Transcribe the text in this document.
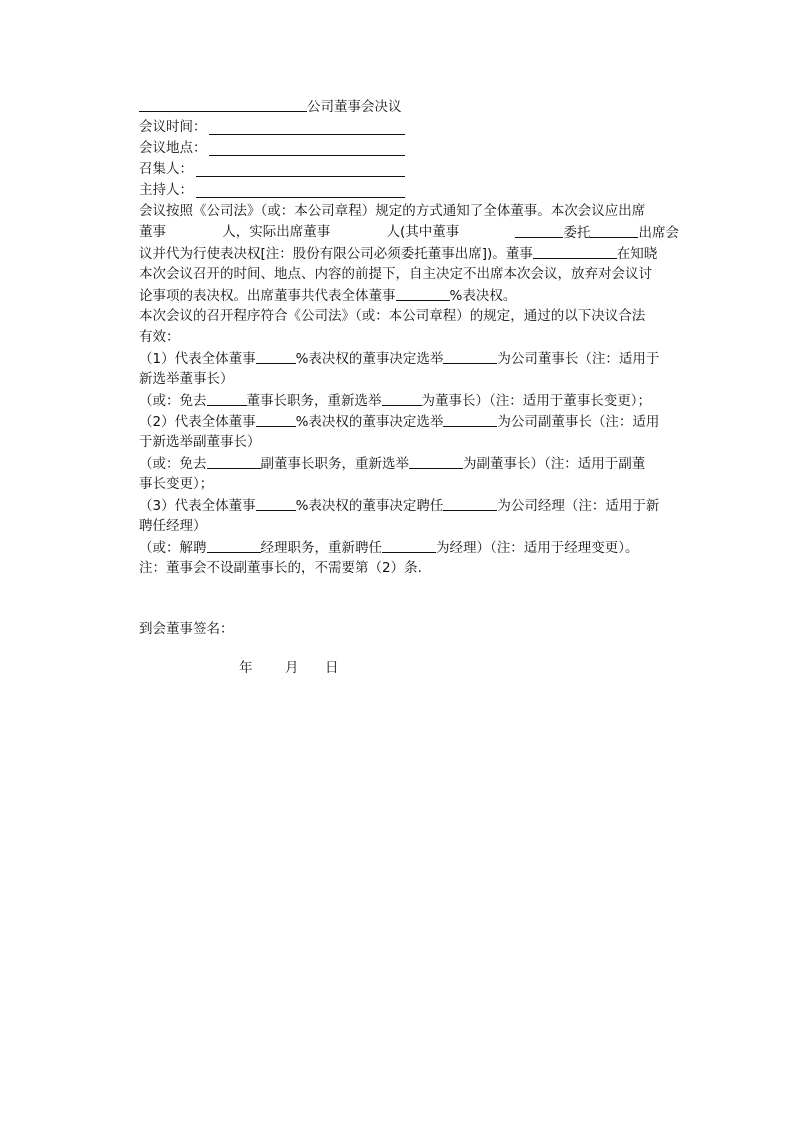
公司董事会决议
会议时间：
会议地点：
召集人：
主持人：
会议按照《公司法》（或：本公司章程）规定的方式通知了全体董事。本次会议应出席
董事	人，实际出席董事	人(其中董事	委托	出席会
议并代为行使表决权[注：股份有限公司必须委托董事出席])。董事	在知晓
本次会议召开的时间、地点、内容的前提下，自主决定不出席本次会议，放弃对会议讨
论事项的表决权。出席董事共代表全体董事	%表决权。
本次会议的召开程序符合《公司法》（或：本公司章程）的规定，通过的以下决议合法
有效：
（1）代表全体董事	%表决权的董事决定选举	为公司董事长（注：适用于
新选举董事长）
（或：免去	董事长职务，重新选举	为董事长）（注：适用于董事长变更）；
（2）代表全体董事	%表决权的董事决定选举	为公司副董事长（注：适用
于新选举副董事长）
（或：免去	副董事长职务，重新选举	为副董事长）（注：适用于副董
事长变更）；
（3）代表全体董事	%表决权的董事决定聘任	为公司经理（注：适用于新
聘任经理）
（或：解聘	经理职务，重新聘任	为经理）（注：适用于经理变更）。
注：董事会不设副董事长的，不需要第（2）条.
到会董事签名：
年 月 日
